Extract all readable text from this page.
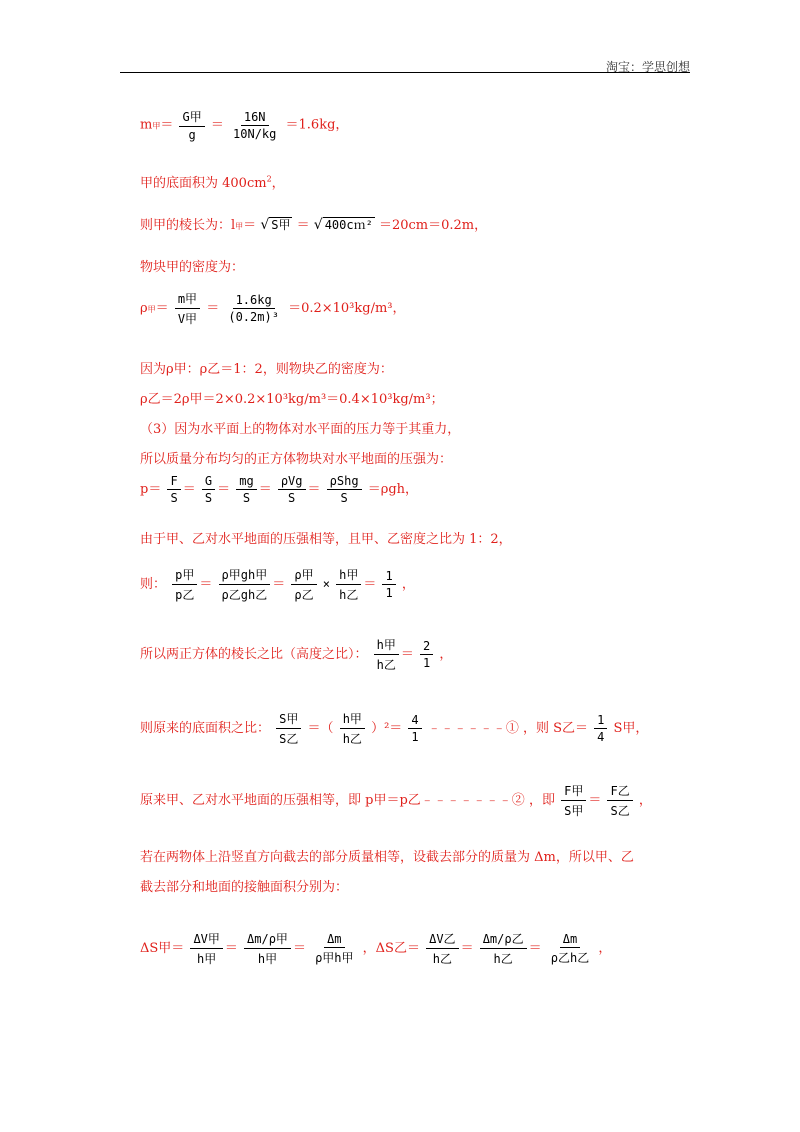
淘宝：学思创想
m甲＝ $\frac{\text{G甲}}{g} = \frac{16N}{10N/kg} =1.6kg$，
甲的底面积为 $400cm^2$，
则甲的棱长为：l甲＝ √ S甲 ＝ √ 400cｍ² ＝20cm＝0.2m，
物块甲的密度为：
ρ甲＝ $\frac{\text{m甲}}{\text{V甲}} = \frac{1.6kg}{\text{(0.2m)³}} =0.2\times 10^3kg/m^3$，
因为ρ甲：ρ乙＝1：2，则物块乙的密度为：
ρ乙＝2ρ甲＝2×0.2×10³kg/m³＝0.4×10³kg/m³；
（3）因为水平面上的物体对水平面的压力等于其重力，
所以质量分布均匀的正方体物块对水平地面的压强为：
$p= \frac{F}{S} = \frac{G}{S} = \frac{mg}{S} = \frac{\text{ρVg}}{S} = \frac{\text{ρShg}}{S} =\rho gh$，
由于甲、乙对水平地面的压强相等，且甲、乙密度之比为 1：2，
则： $\frac{\text{p甲}}{\text{p乙}} = \frac{\text{ρ甲gh甲}}{\text{ρ乙gh乙}} = \frac{\text{ρ甲}}{\text{ρ乙}} \times \frac{\text{h甲}}{\text{h乙}} = \frac{1}{1}$ ，
所以两正方体的棱长之比（高度之比）： $\frac{\text{h甲}}{\text{h乙}} = \frac{2}{1}$ ，
则原来的底面积之比： $\frac{\text{S甲}}{\text{S乙}}$ ＝（ $\frac{\text{h甲}}{\text{h乙}} )^2= \frac{4}{1}$ ﹣﹣﹣﹣﹣﹣① ，则 S乙＝ $\frac{1}{4}$ S甲，
原来甲、乙对水平地面的压强相等，即 p甲＝p乙﹣﹣﹣﹣﹣﹣﹣② ，即 $\frac{\text{F甲}}{\text{S甲}} = \frac{\text{F乙}}{\text{S乙}}$ ，
若在两物体上沿竖直方向截去的部分质量相等，设截去部分的质量为 Δm，所以甲、乙
截去部分和地面的接触面积分别为：
ΔS甲＝ $\frac{\text{ΔV甲}}{\text{h甲}} = \frac{\text{Δm/ρ甲}}{\text{h甲}} = \frac{\Delta m}{\text{ρ甲h甲}}$ ，ΔS乙＝ $\frac{\text{ΔV乙}}{\text{h乙}} = \frac{\text{Δm/ρ乙}}{\text{h乙}} = \frac{\Delta m}{\text{ρ乙h乙}}$ ，
